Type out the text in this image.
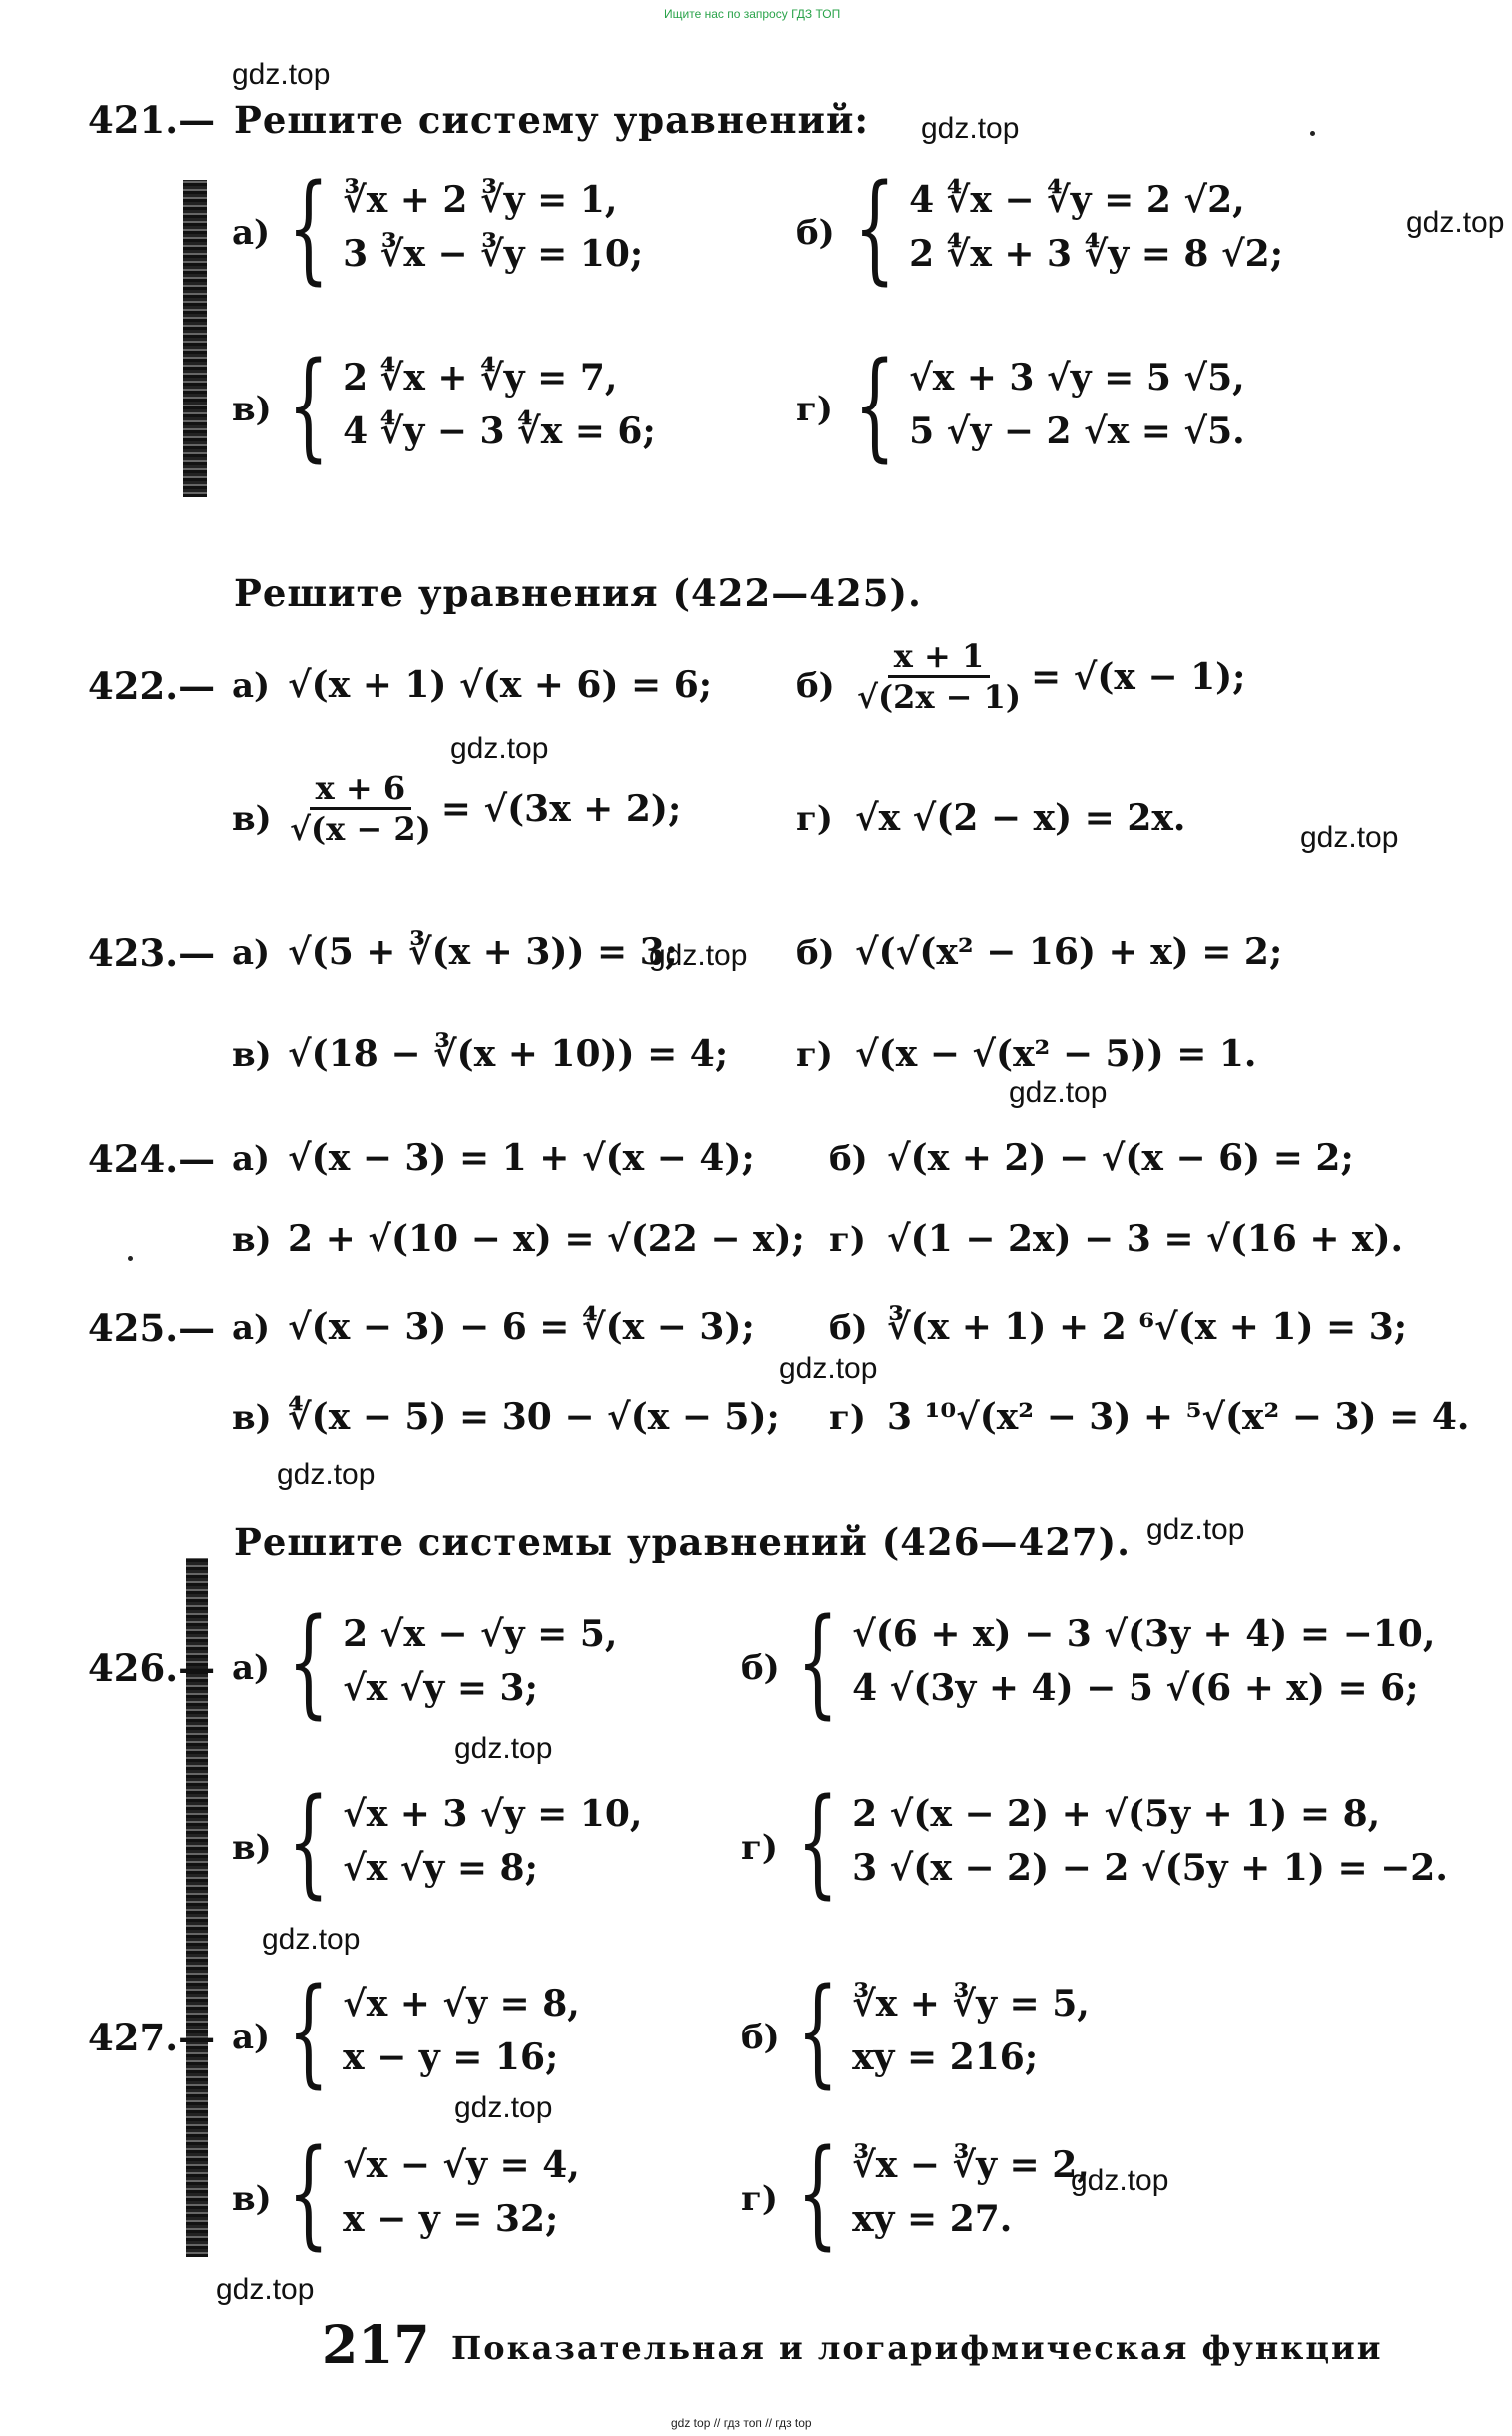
Ищите нас по запросу ГДЗ ТОП
gdz.top
gdz.top
gdz.top
gdz.top
gdz.top
gdz.top
gdz.top
gdz.top
gdz.top
gdz.top
gdz.top
gdz.top
gdz.top
gdz.top
gdz.top
421.— Решите систему уравнений:
а) { ∛x + 2 ∛y = 1,
3 ∛x − ∛y = 10;	б) { 4 ∜x − ∜y = 2 √2,
2 ∜x + 3 ∜y = 8 √2;
в) { 2 ∜x + ∜y = 7,
4 ∜y − 3 ∜x = 6;
г) { √x + 3 √y = 5 √5,
5 √y − 2 √x = √5.
Решите уравнения (422—425).
422.— а) √(x + 1) √(x + 6) = 6; $б) \frac{x + 1}{√(2x - 1)} = √(x - 1)$;
$в) \frac{x + 6}{√(x - 2)} = √(3x + 2)$;	г) √x √(2 − x) = 2x.
423.— а) √(5 + ∛(x + 3)) = 3;	б) √(√(x² − 16) + x) = 2;
в) √(18 − ∛(x + 10)) = 4; г) √(x − √(x² − 5)) = 1.
424.— а) √(x − 3) = 1 + √(x − 4); б) √(x + 2) − √(x − 6) = 2;
в) 2 + √(10 − x) = √(22 − x); г) √(1 − 2x) − 3 = √(16 + x).
425.— а) √(x − 3) − 6 = ∜(x − 3); б) ∛(x + 1) + 2 ⁶√(x + 1) = 3;
в) ∜(x − 5) = 30 − √(x − 5); г) 3 ¹⁰√(x² − 3) + ⁵√(x² − 3) = 4.
Решите системы уравнений (426—427).
426.— а) { 2 √x − √y = 5,
√x √y = 3;	б) { √(6 + x) − 3 √(3y + 4) = −10,
4 √(3y + 4) − 5 √(6 + x) = 6;
в) { √x + 3 √y = 10,
√x √y = 8;	г) { 2 √(x − 2) + √(5y + 1) = 8,
3 √(x − 2) − 2 √(5y + 1) = −2.
427.— а) { √x + √y = 8,
x − y = 16;	б) { ∛x + ∛y = 5,
xy = 216;
в) { √x − √y = 4,
x − y = 32;	г) { ∛x − ∛y = 2,
xy = 27.
217 Показательная и логарифмическая функции
gdz top // гдз топ // гдз top
